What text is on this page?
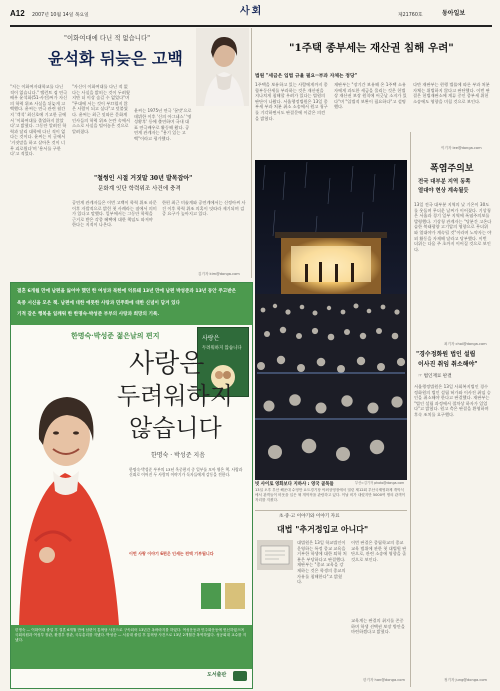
A12 2007년 10월 14일 목요일	사회	제21760호	동아일보
"이화여대에 다닌 적 없습니다"
윤석화 뒤늦은 고백
"저는 이화여자대학교를 다닌 적이 없습니다." 탤런트 겸 연극배우 윤석화(51·사진)씨가 자신의 학력 위조 사실을 뒤늦게 고백했다. 윤씨는 연극 관련 월간지 '객석' 최신호에 기고한 글에서 '이화여대를 졸업하지 않았다'고 밝혔다. 그동안 알려진 학력과 달리 대학에 다닌 적이 없다는 것이다. 윤씨는 이 글에서 '거짓말을 하고 살아온 것이 너무 괴로웠다'며 '용서를 구한다'고 적었다.
"자신이 이화여대를 다닌 적 없다는 사실을 밝히는 것이 두려웠지만 더 이상 숨길 수 없었다"며 "무대에 서는 것이 부끄럽지 않은 사람이 되고 싶다"고 덧붙였다. 윤씨는 최근 잇따른 문화계 인사들의 학력 위조 논란 속에서 스스로 사실을 털어놓은 것으로 알려졌다.
윤씨는 1975년 연극 '꿀맛'으로 데뷔한 이후 '신의 아그네스' '명성황후' 등에 출연하며 국내 대표 연극배우로 활동해 왔다. 공연계 관계자는 "용기 있는 고백"이라고 평가했다.
"철썽인 시절 거짓말 30년 발목잡아"
문화계 잇단 학력위조 사건에 충격
공연계 관계자들은 이번 고백이 학력 위조 파문 이후 자발적으로 밝힌 첫 사례라는 점에서 의미가 있다고 말했다. 일부에서는 그동안 학력을 근거로 받은 각종 혜택에 대한 책임도 따져야 한다는 지적이 나온다.
한편 최근 미술계와 공연계에서는 신정아씨 사건 이후 학력 위조 의혹이 잇따라 제기되며 검증 요구가 높아지고 있다.
김기자 kim@donga.com
"1주택 종부세는 재산권 침해 우려"
법원 "세금은 입법 규율 필요··부과 자체는 정당"
1주택을 보유하고 있는 사람에게까지 종합부동산세를 부과하는 것은 재산권을 지나치게 침해할 우려가 있다는 법원의 판단이 나왔다. 서울행정법원은 13일 종부세 부과 처분 취소 소송에서 원고 청구를 기각하면서도 판결문에 이같은 의견을 밝혔다.
재판부는 "장기간 보유해 온 1주택 소유자에게 과도한 세금을 물리는 것은 헌법상 재산권 보장 원칙에 어긋날 소지가 있다"며 "입법적 보완이 필요하다"고 설명했다.
다만 재판부는 현행 법률에 따른 부과 처분 자체는 위법하지 않다고 판단했다. 이번 판결은 헌법재판소에 계류 중인 종부세 위헌 소송에도 영향을 미칠 것으로 보인다.
이기자 lee@donga.com
폭염주의보
전국 대부분 지역 동쪽
열대야 현상 계속될듯
13일 전국 대부분 지역의 낮 기온이 30도를 웃돌며 무더운 날씨가 이어졌다. 기상청은 서울과 경기 일부 지역에 폭염주의보를 발령했다. 기상청 관계자는 "당분간 고온다습한 북태평양 고기압의 영향으로 무더위와 열대야가 계속될 것"이라며 노약자는 야외 활동을 자제해 달라고 당부했다. 이번 더위는 다음 주 초까지 이어질 것으로 보인다.
최기자 choi@donga.com
"경수정화원 법인 설립
이사진 취임 취소해야"
☞ 법인재료 판결
서울행정법원은 13일 사회복지법인 경수정화원의 법인 설립 허가와 이사진 취임 승인을 취소해야 한다고 판결했다. 재판부는 "법인 설립 과정에서 절차상 하자가 있었다"고 밝혔다. 원고 측은 판결을 환영하며 후속 조치를 요구했다.
정기자 jung@donga.com
빗 사이로 영화보다 지하사 : 영국 골목들
13일 오후 부산 해운대 수영만 요트경기장 야외상영장에서 열린 제12회 부산국제영화제 개막식에서 관객들이 비옷을 입은 채 개막작을 관람하고 있다. 이날 비가 내렸지만 5000여 명의 관객이 자리를 지켰다.
부산=김기자 photo@donga.com
초·중·고 이야기와 이야기 자료
대법 "추거정입교 아니다"
대법원은 13일 학교법인이 운영하는 특정 종교 교육을 거부한 학생에 대한 퇴학 처분은 부당하다고 판결했다. 재판부는 "종교 교육을 강제하는 것은 학생의 종교의 자유를 침해한다"고 밝혔다.
이번 판결은 종립학교의 종교 교육 범위에 관한 첫 대법원 판단으로, 관련 소송에 영향을 줄 것으로 보인다.
교육계는 판결의 취지를 존중하며 학생 선택권 보장 방안을 마련하겠다고 밝혔다.
한기자 han@donga.com
결혼 6개월 만에 남편을 잃어야 했던 한 여성과 북한에 억류돼 13년 만에 남편 박성준과 13년 동안 주고받은
옥중 서신을 모은 책. 남편에 대한 애틋한 사랑과 민주화에 대한 신념이 담겨 있다
기적 같은 행복을 일깨워 한 한명숙·박성준 부부의 사랑과 희망의 기록.
사랑은
두려워하지 않습니다
한명숙·박성준 젊은날의 편지
사랑은
두려워하지
않습니다
한명숙 · 박성준 지음
한명숙·박성준 부부의 13년 옥중편지 중 일부를 모아 엮은 책. 사랑과 신뢰로 이어진 두 사람의 이야기가 독자들에게 감동을 전한다.
이번 사랑 이야기 6편은 인세는 전액 기부됩니다
한명숙 — 이화여대 졸업 후 결혼 6개월 만에 남편이 통혁당 사건으로 구속되어 13년간 옥바라지를 하였다. 여성운동과 민주화운동에 헌신하였으며 국회의원과 여성부 장관, 환경부 장관, 국무총리를 지냈다. 박성준 — 서울대 졸업 후 통혁당 사건으로 13년 2개월간 복역하였다. 성공회대 교수를 지냈다.
도서출판
